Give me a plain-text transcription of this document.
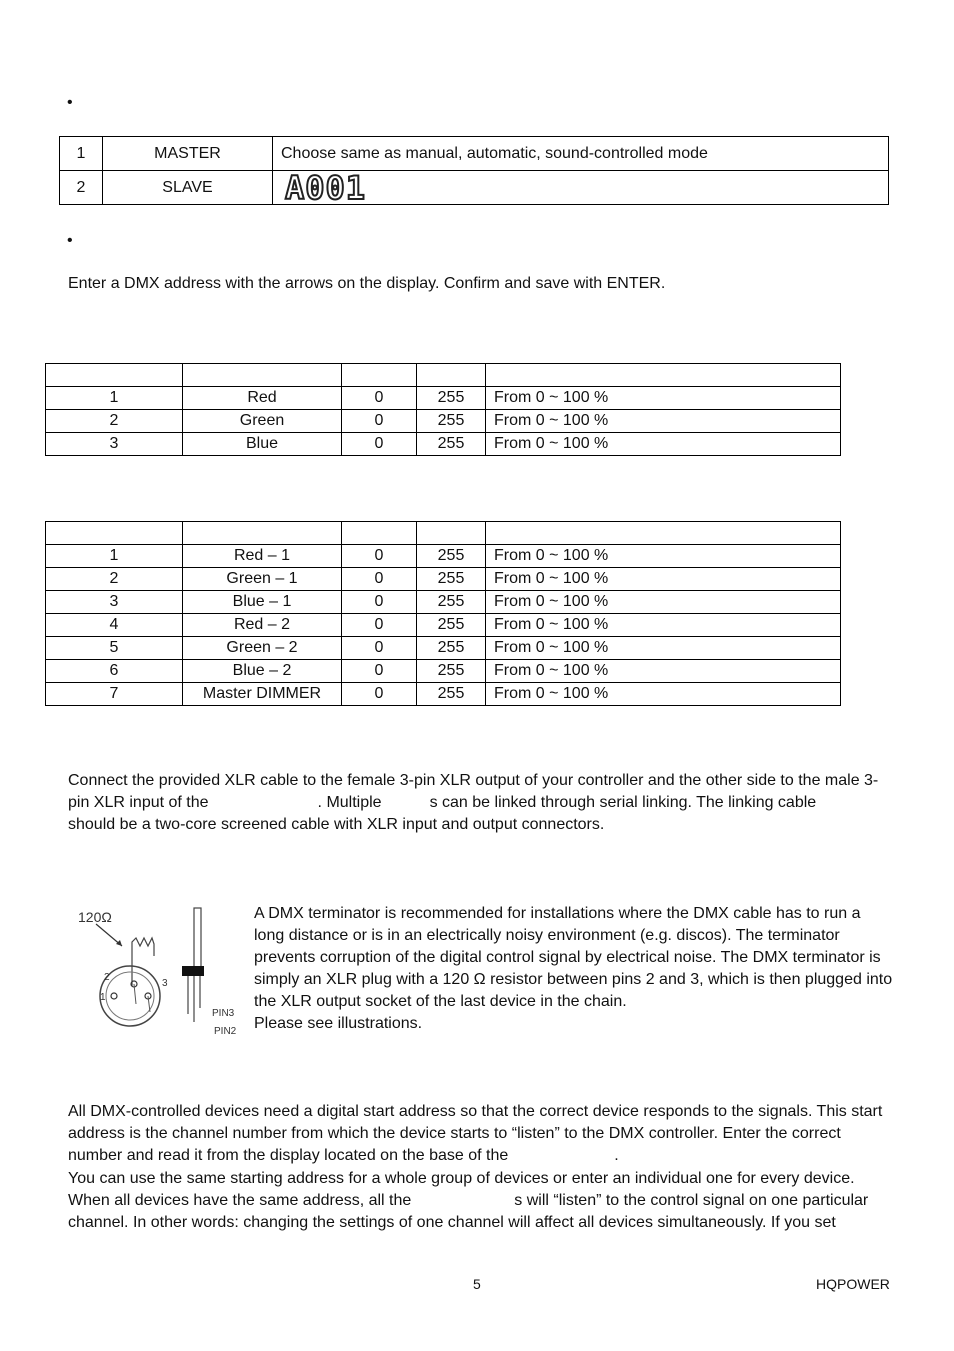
•
•
1	MASTER	Choose same as manual, automatic, sound-controlled mode
2	SLAVE	A001
Enter a DMX address with the arrows on the display. Confirm and save with ENTER.

1	Red	0	255	From 0 ~ 100 %
2	Green	0	255	From 0 ~ 100 %
3	Blue	0	255	From 0 ~ 100 %

1	Red – 1	0	255	From 0 ~ 100 %
2	Green – 1	0	255	From 0 ~ 100 %
3	Blue – 1	0	255	From 0 ~ 100 %
4	Red – 2	0	255	From 0 ~ 100 %
5	Green – 2	0	255	From 0 ~ 100 %
6	Blue – 2	0	255	From 0 ~ 100 %
7	Master DIMMER	0	255	From 0 ~ 100 %
Connect the provided XLR cable to the female 3-pin XLR output of your controller and the other side to the male 3-
pin XLR input of the	. Multiple	s can be linked through serial linking. The linking cable
should be a two-core screened cable with XLR input and output connectors.
120Ω
2
1
3
PIN3
PIN2
A DMX terminator is recommended for installations where the DMX cable has to run a
long distance or is in an electrically noisy environment (e.g. discos). The terminator
prevents corruption of the digital control signal by electrical noise. The DMX terminator is
simply an XLR plug with a 120 Ω resistor between pins 2 and 3, which is then plugged into
the XLR output socket of the last device in the chain.
Please see illustrations.
All DMX-controlled devices need a digital start address so that the correct device responds to the signals. This start
address is the channel number from which the device starts to “listen” to the DMX controller. Enter the correct
number and read it from the display located on the base of the	.
You can use the same starting address for a whole group of devices or enter an individual one for every device.
When all devices have the same address, all the	s will “listen” to the control signal on one particular
channel. In other words: changing the settings of one channel will affect all devices simultaneously. If you set
5	HQPOWER
